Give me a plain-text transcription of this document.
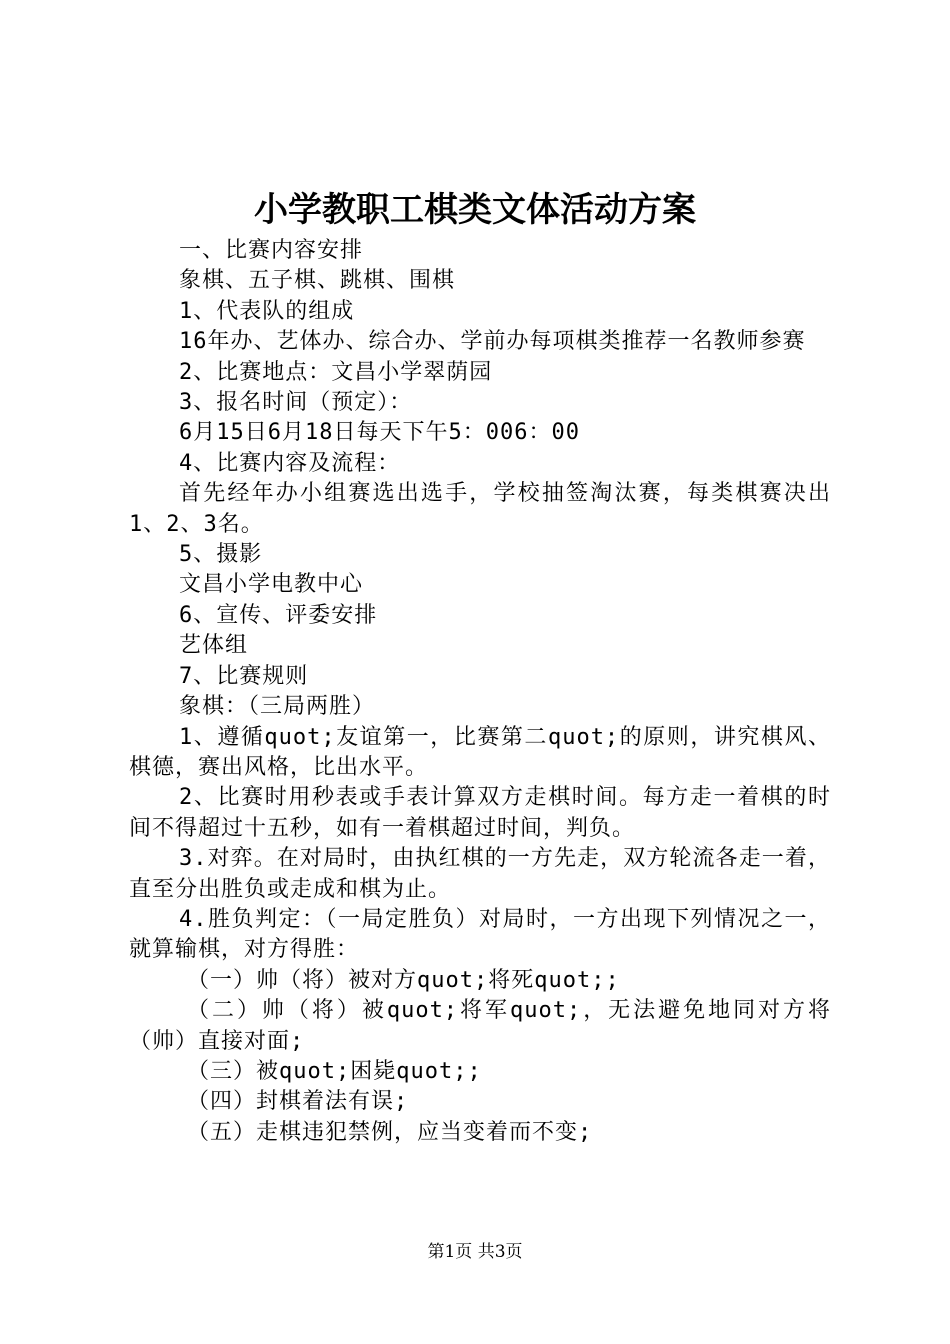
小学教职工棋类文体活动方案

一、比赛内容安排

象棋、五子棋、跳棋、围棋

1、代表队的组成

16年办、艺体办、综合办、学前办每项棋类推荐一名教师参赛

2、比赛地点：文昌小学翠荫园

3、报名时间（预定）：

6月15日6月18日每天下午5：006：00

4、比赛内容及流程：

首先经年办小组赛选出选手，学校抽签淘汰赛，每类棋赛决出1、2、3名。

5、摄影

文昌小学电教中心

6、宣传、评委安排

艺体组

7、比赛规则

象棋：（三局两胜）

1、遵循quot;友谊第一，比赛第二quot;的原则，讲究棋风、棋德，赛出风格，比出水平。

2、比赛时用秒表或手表计算双方走棋时间。每方走一着棋的时间不得超过十五秒，如有一着棋超过时间，判负。

3.对弈。在对局时，由执红棋的一方先走，双方轮流各走一着，直至分出胜负或走成和棋为止。

4.胜负判定：（一局定胜负）对局时，一方出现下列情况之一，就算输棋，对方得胜：

（一）帅（将）被对方quot;将死quot;;

（二）帅（将）被quot;将军quot;，无法避免地同对方将（帅）直接对面;

（三）被quot;困毙quot;;

（四）封棋着法有误;

（五）走棋违犯禁例，应当变着而不变;

第1页 共3页
